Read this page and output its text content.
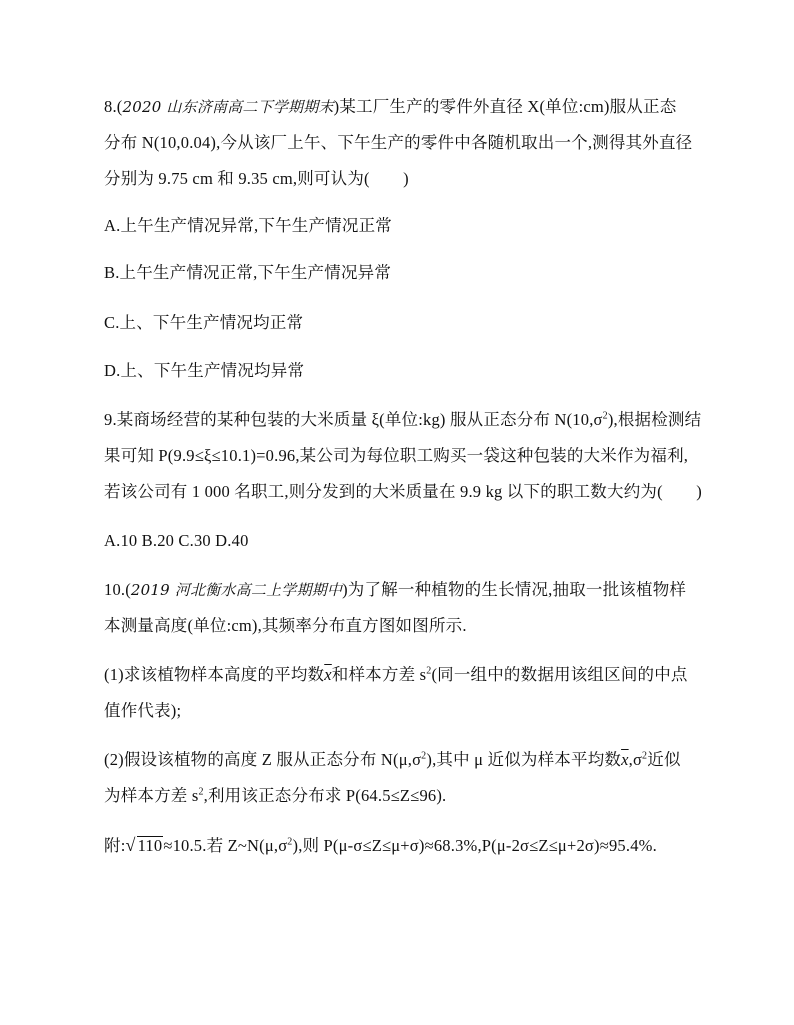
8.(2020 山东济南高二下学期期末)某工厂生产的零件外直径 X(单位:cm)服从正态
分布 N(10,0.04),今从该厂上午、下午生产的零件中各随机取出一个,测得其外直径
分别为 9.75 cm 和 9.35 cm,则可认为(　　)
A.上午生产情况异常,下午生产情况正常
B.上午生产情况正常,下午生产情况异常
C.上、下午生产情况均正常
D.上、下午生产情况均异常
9.某商场经营的某种包装的大米质量 ξ(单位:kg) 服从正态分布 $N(10,\sigma^2)$,根据检测结
果可知 P(9.9≤ξ≤10.1)=0.96,某公司为每位职工购买一袋这种包装的大米作为福利,
若该公司有 1 000 名职工,则分发到的大米质量在 9.9 kg 以下的职工数大约为(　　)
A.10 B.20 C.30 D.40
10.(2019 河北衡水高二上学期期中)为了解一种植物的生长情况,抽取一批该植物样
本测量高度(单位:cm),其频率分布直方图如图所示.
(1)求该植物样本高度的平均数$\overline{x}$和样本方差 $s^2$(同一组中的数据用该组区间的中点
值作代表);
(2)假设该植物的高度 Z 服从正态分布 $N(\mu,\sigma^2)$,其中 μ 近似为样本平均数$\overline{x},\sigma^2$近似
为样本方差 $s^2$,利用该正态分布求 P(64.5≤Z≤96).
附:√ 110≈10.5.若 $Z\sim N(\mu,\sigma^2)$,则 P(μ-σ≤Z≤μ+σ)≈68.3%,P(μ-2σ≤Z≤μ+2σ)≈95.4%.
